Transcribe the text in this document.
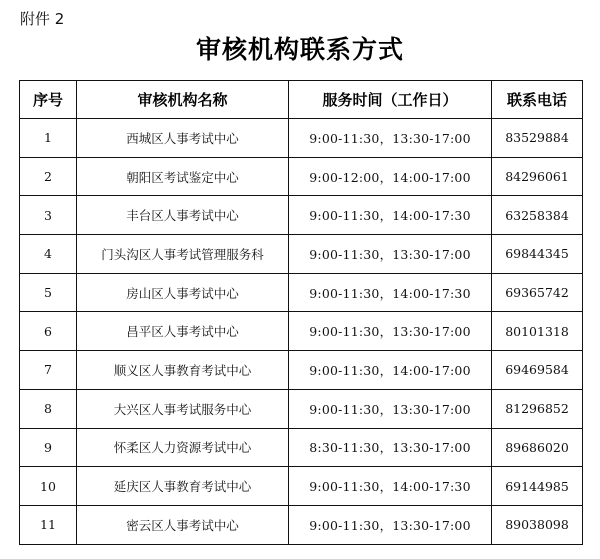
附件 2
审核机构联系方式
序号	审核机构名称	服务时间（工作日）	联系电话
1	西城区人事考试中心	9:00-11:30，13:30-17:00	83529884
2	朝阳区考试鉴定中心	9:00-12:00，14:00-17:00	84296061
3	丰台区人事考试中心	9:00-11:30，14:00-17:30	63258384
4	门头沟区人事考试管理服务科	9:00-11:30，13:30-17:00	69844345
5	房山区人事考试中心	9:00-11:30，14:00-17:30	69365742
6	昌平区人事考试中心	9:00-11:30，13:30-17:00	80101318
7	顺义区人事教育考试中心	9:00-11:30，14:00-17:00	69469584
8	大兴区人事考试服务中心	9:00-11:30，13:30-17:00	81296852
9	怀柔区人力资源考试中心	8:30-11:30，13:30-17:00	89686020
10	延庆区人事教育考试中心	9:00-11:30，14:00-17:30	69144985
11	密云区人事考试中心	9:00-11:30，13:30-17:00	89038098
